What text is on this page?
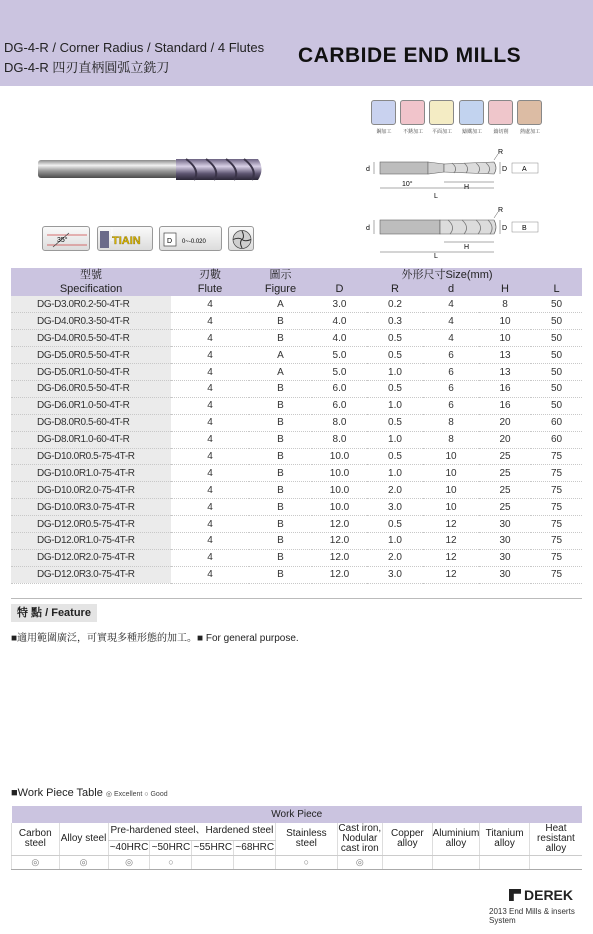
DG-4-R / Corner Radius / Standard / 4 Flutes
DG-4-R 四刃直柄圓弧立銑刀
CARBIDE END MILLS
鋼加工	不銹加工	平面加工	鑄鐵加工	鑄切削	熱處加工
R
d	D
H
L
10°
A
R
d	D
H
L
B
35°	Coated
TIAIN	D 0~-0.020
型號	刃數	圖示	外形尺寸Size(mm)				
Specification	Flute	Figure	D	R	d	H	L
DG-D3.0R0.2-50-4T-R	4	A	3.0	0.2	4	8	50
DG-D4.0R0.3-50-4T-R	4	B	4.0	0.3	4	10	50
DG-D4.0R0.5-50-4T-R	4	B	4.0	0.5	4	10	50
DG-D5.0R0.5-50-4T-R	4	A	5.0	0.5	6	13	50
DG-D5.0R1.0-50-4T-R	4	A	5.0	1.0	6	13	50
DG-D6.0R0.5-50-4T-R	4	B	6.0	0.5	6	16	50
DG-D6.0R1.0-50-4T-R	4	B	6.0	1.0	6	16	50
DG-D8.0R0.5-60-4T-R	4	B	8.0	0.5	8	20	60
DG-D8.0R1.0-60-4T-R	4	B	8.0	1.0	8	20	60
DG-D10.0R0.5-75-4T-R	4	B	10.0	0.5	10	25	75
DG-D10.0R1.0-75-4T-R	4	B	10.0	1.0	10	25	75
DG-D10.0R2.0-75-4T-R	4	B	10.0	2.0	10	25	75
DG-D10.0R3.0-75-4T-R	4	B	10.0	3.0	10	25	75
DG-D12.0R0.5-75-4T-R	4	B	12.0	0.5	12	30	75
DG-D12.0R1.0-75-4T-R	4	B	12.0	1.0	12	30	75
DG-D12.0R2.0-75-4T-R	4	B	12.0	2.0	12	30	75
DG-D12.0R3.0-75-4T-R	4	B	12.0	3.0	12	30	75
特 點 / Feature
■適用範圍廣泛，可實現多種形態的加工。■ For general purpose.
■Work Piece Table ◎ Excellent ○ Good
Work Piece											
Carbon steel	Alloy steel	Pre-hardened steel、Hardened steel				Stainless steel	Cast iron, Nodular cast iron	Copper alloy	Aluminium alloy	Titanium alloy	Heat resistant alloy
		~40HRC	~50HRC	~55HRC	~68HRC						
◎	◎	◎	○			○	◎				
DEREK
2013 End Mills & inserts System
